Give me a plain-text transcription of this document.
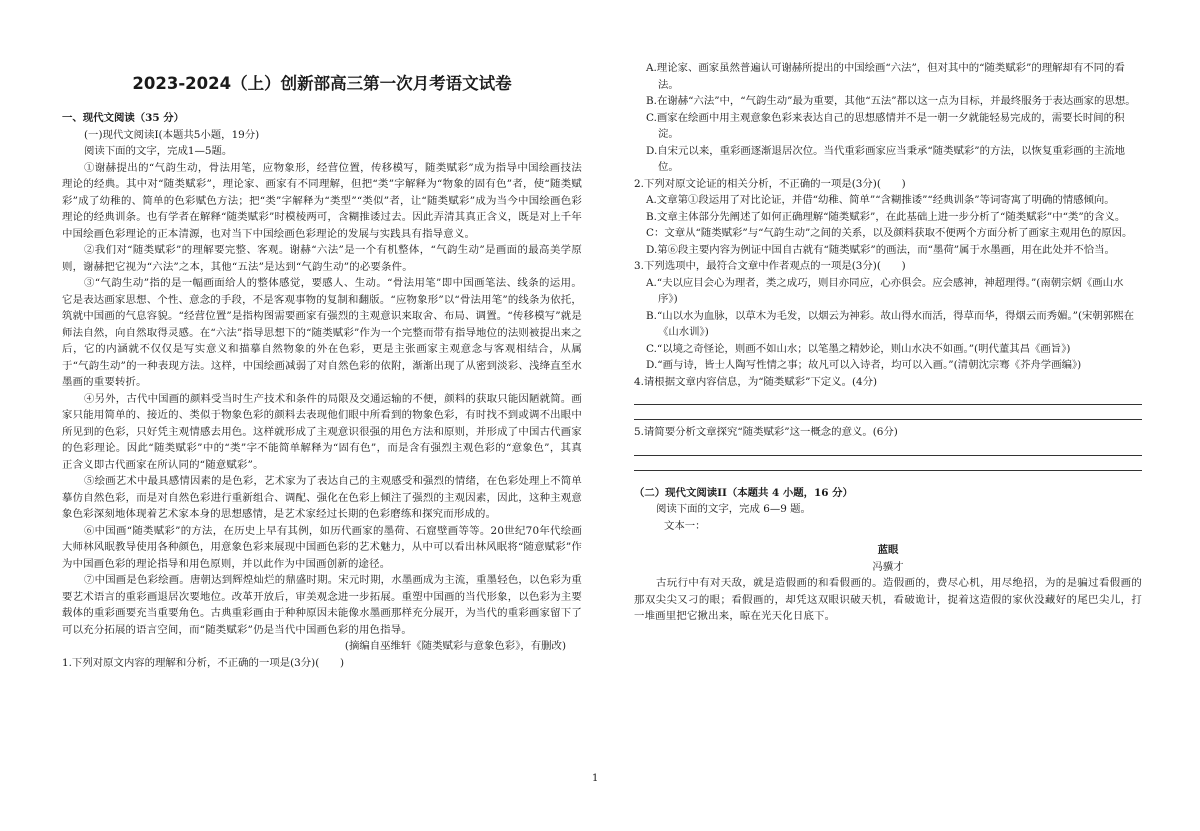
2023-2024（上）创新部高三第一次月考语文试卷
一、现代文阅读（35 分）
(一)现代文阅读I(本题共5小题，19分)
阅读下面的文字，完成1—5题。
①谢赫提出的“气韵生动，骨法用笔，应物象形，经营位置，传移模写，随类赋彩”成为指导中国绘画技法理论的经典。其中对“随类赋彩”，理论家、画家有不同理解，但把“类”字解释为“物象的固有色”者，使“随类赋彩”成了幼稚的、简单的色彩赋色方法；把“类”字解释为“类型”“类似”者，让“随类赋彩”成为当今中国绘画色彩理论的经典训条。也有学者在解释“随类赋彩”时模棱两可，含糊推诿过去。因此弄清其真正含义，既是对上千年中国绘画色彩理论的正本清源，也对当下中国绘画色彩理论的发展与实践具有指导意义。
②我们对“随类赋彩”的理解要完整、客观。谢赫“六法”是一个有机整体，“气韵生动”是画面的最高美学原则，谢赫把它视为“六法”之本，其他“五法”是达到“气韵生动”的必要条件。
③“气韵生动”指的是一幅画面给人的整体感觉，要感人、生动。“骨法用笔”即中国画笔法、线条的运用。它是表达画家思想、个性、意念的手段，不是客观事物的复制和翻版。“应物象形”以“骨法用笔”的线条为依托，筑就中国画的气息容貌。“经营位置”是指构图需要画家有强烈的主观意识来取舍、布局、调置。“传移模写”就是师法自然，向自然取得灵感。在“六法”指导思想下的“随类赋彩”作为一个完整而带有指导地位的法则被提出来之后，它的内涵就不仅仅是写实意义和描摹自然物象的外在色彩，更是主张画家主观意念与客观相结合，从属于“气韵生动”的一种表现方法。这样，中国绘画减弱了对自然色彩的依附，渐渐出现了从密到淡彩、浅绛直至水墨画的重要转折。
④另外，古代中国画的颜料受当时生产技术和条件的局限及交通运输的不便，颜料的获取只能因陋就简。画家只能用简单的、接近的、类似于物象色彩的颜料去表现他们眼中所看到的物象色彩，有时找不到或调不出眼中所见到的色彩，只好凭主观情感去用色。这样就形成了主观意识很强的用色方法和原则，并形成了中国古代画家的色彩理论。因此“随类赋彩”中的“类”字不能简单解释为“固有色”，而是含有强烈主观色彩的“意象色”，其真正含义即古代画家在所认同的“随意赋彩”。
⑤绘画艺术中最具感情因素的是色彩，艺术家为了表达自己的主观感受和强烈的情绪，在色彩处理上不简单摹仿自然色彩，而是对自然色彩进行重新组合、调配、强化在色彩上倾注了强烈的主观因素，因此，这种主观意象色彩深刻地体现着艺术家本身的思想感情，是艺术家经过长期的色彩磨练和探究而形成的。
⑥中国画“随类赋彩”的方法，在历史上早有其例，如历代画家的墨荷、石窟壁画等等。20世纪70年代绘画大师林风眠教导使用各种颜色，用意象色彩来展现中国画色彩的艺术魅力，从中可以看出林风眠将“随意赋彩”作为中国画色彩的理论指导和用色原则，并以此作为中国画创新的途径。
⑦中国画是色彩绘画。唐朝达到辉煌灿烂的鼎盛时期。宋元时期，水墨画成为主流，重墨轻色，以色彩为重要艺术语言的重彩画退居次要地位。改革开放后，审美观念进一步拓展。重塑中国画的当代形象，以色彩为主要载体的重彩画要充当重要角色。古典重彩画由于种种原因未能像水墨画那样充分展开，为当代的重彩画家留下了可以充分拓展的语言空间，而“随类赋彩”仍是当代中国画色彩的用色指导。
(摘编自巫维轩《随类赋彩与意象色彩》，有删改)
1.下列对原文内容的理解和分析，不正确的一项是(3分)(　　)
A.理论家、画家虽然普遍认可谢赫所提出的中国绘画“六法”，但对其中的“随类赋彩”的理解却有不同的看法。
B.在谢赫“六法”中，“气韵生动”最为重要，其他“五法”都以这一点为目标，并最终服务于表达画家的思想。
C.画家在绘画中用主观意象色彩来表达自己的思想感情并不是一朝一夕就能轻易完成的，需要长时间的积淀。
D.自宋元以来，重彩画逐渐退居次位。当代重彩画家应当秉承“随类赋彩”的方法，以恢复重彩画的主流地位。
2.下列对原文论证的相关分析，不正确的一项是(3分)(　　)
A.文章第①段运用了对比论证，并借“幼稚、简单”“含糊推诿”“经典训条”等词寄寓了明确的情感倾向。
B.文章主体部分先阐述了如何正确理解“随类赋彩”，在此基础上进一步分析了“随类赋彩”中“类”的含义。
C：文章从“随类赋彩”与“气韵生动”之间的关系，以及颜料获取不便两个方面分析了画家主观用色的原因。
D.第⑥段主要内容为例证中国自古就有“随类赋彩”的画法，而“墨荷”属于水墨画，用在此处并不恰当。
3.下列选项中，最符合文章中作者观点的一项是(3分)(　　)
A.“夫以应目会心为理者，类之成巧，则目亦同应，心亦俱会。应会感神，神超理得。”(南朝宗炳《画山水序》)
B.“山以水为血脉，以草木为毛发，以烟云为神彩。故山得水而活，得草而华，得烟云而秀媚。”(宋朝郭熙在《山水训》)
C.“以境之奇怪论，则画不如山水；以笔墨之精妙论，则山水决不如画。”(明代董其昌《画旨》)
D.“画与诗，皆士人陶写性情之事；故凡可以入诗者，均可以入画。”(清朝沈宗骞《芥舟学画编》)
4.请根据文章内容信息，为“随类赋彩”下定义。(4分)
5.请简要分析文章探究“随类赋彩”这一概念的意义。(6分)
（二）现代文阅读II（本题共 4 小题，16 分）
阅读下面的文字，完成 6—9 题。
文本一：
蓝眼
冯骥才
古玩行中有对天敌，就是造假画的和看假画的。造假画的，费尽心机，用尽绝招，为的是骗过看假画的那双尖尖又刁的眼；看假画的，却凭这双眼识破天机，看破诡计，捉着这造假的家伙没藏好的尾巴尖儿，打一堆画里把它揪出来，晾在光天化日底下。
1
